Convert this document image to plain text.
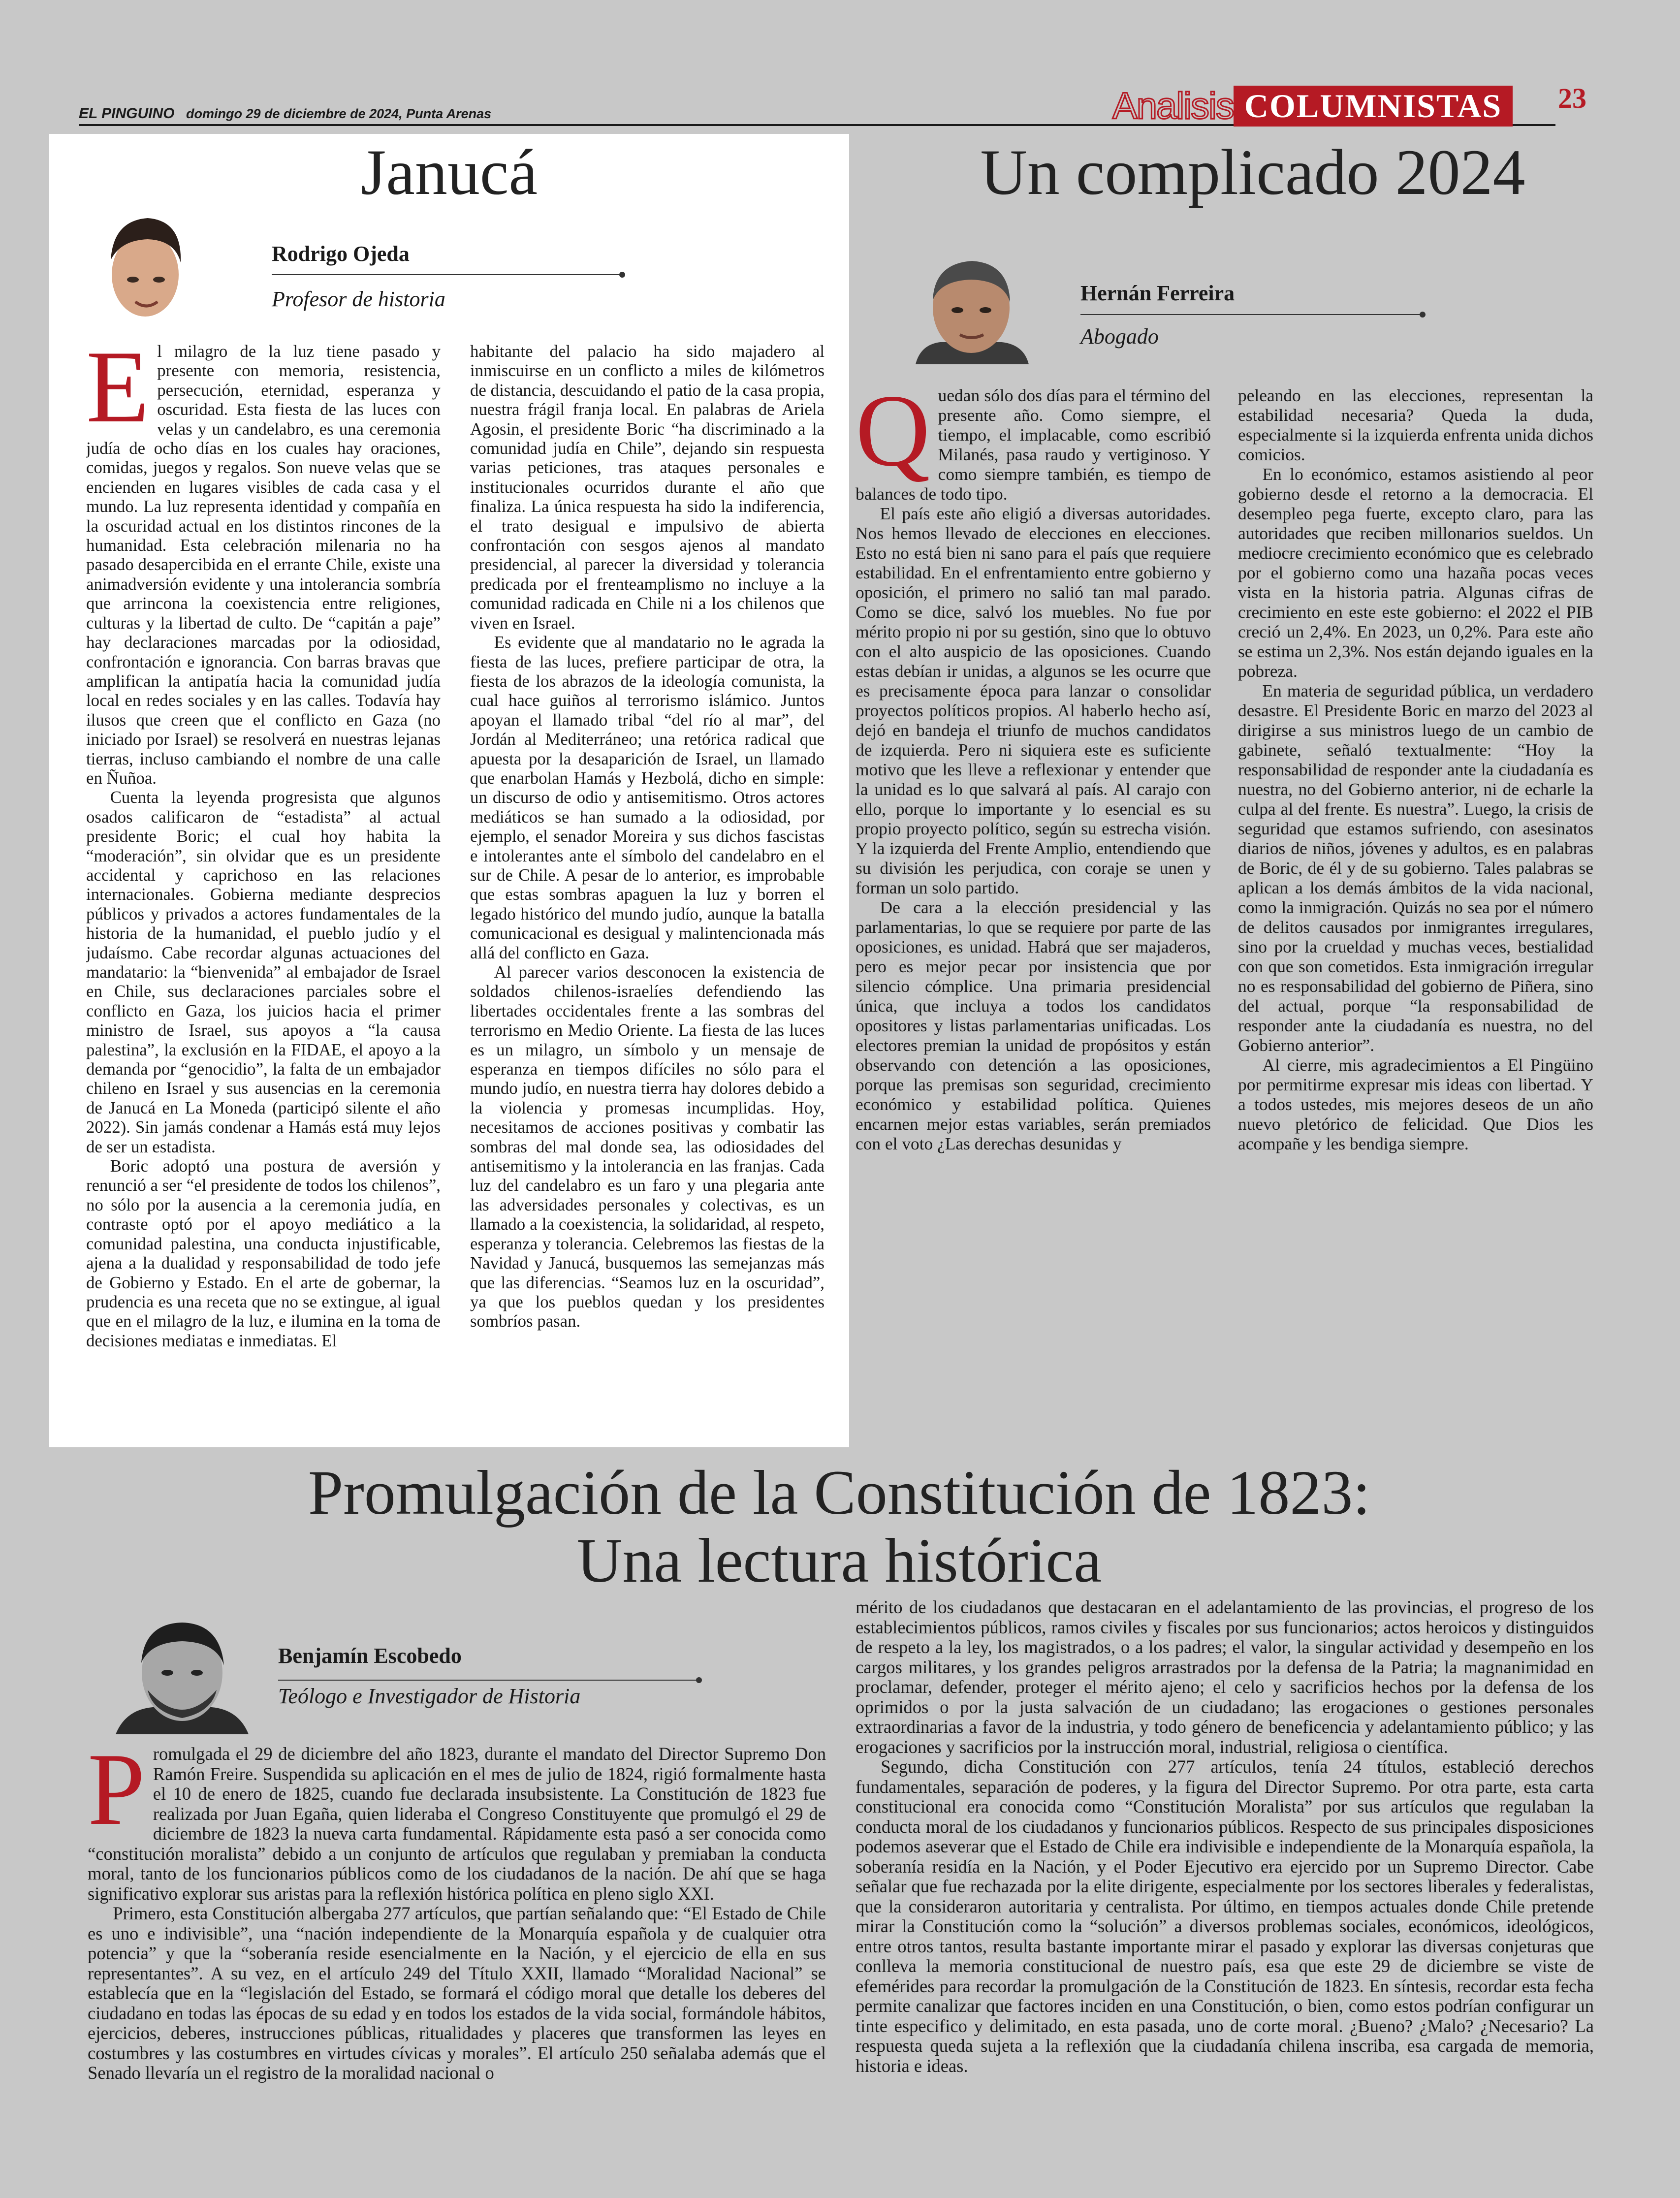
EL PINGUINO domingo 29 de diciembre de 2024, Punta Arenas	Analisis COLUMNISTAS	23
Janucá
Rodrigo Ojeda
Profesor de historia
E l milagro de la luz tiene pasado y presente con memoria, resistencia, persecución, eternidad, esperanza y oscuridad. Esta fiesta de las luces con velas y un candelabro, es una ceremonia judía de ocho días en los cuales hay oraciones, comidas, juegos y regalos. Son nueve velas que se encienden en lugares visibles de cada casa y el mundo. La luz representa identidad y compañía en la oscuridad actual en los distintos rincones de la humanidad. Esta celebración milenaria no ha pasado desapercibida en el errante Chile, existe una animadversión evidente y una intolerancia sombría que arrincona la coexistencia entre religiones, culturas y la libertad de culto. De “capitán a paje” hay declaraciones marcadas por la odiosidad, confrontación e ignorancia. Con barras bravas que amplifican la antipatía hacia la comunidad judía local en redes sociales y en las calles. Todavía hay ilusos que creen que el conflicto en Gaza (no iniciado por Israel) se resolverá en nuestras lejanas tierras, incluso cambiando el nombre de una calle en Ñuñoa.

Cuenta la leyenda progresista que algunos osados calificaron de “estadista” al actual presidente Boric; el cual hoy habita la “moderación”, sin olvidar que es un presidente accidental y caprichoso en las relaciones internacionales. Gobierna mediante desprecios públicos y privados a actores fundamentales de la historia de la humanidad, el pueblo judío y el judaísmo. Cabe recordar algunas actuaciones del mandatario: la “bienvenida” al embajador de Israel en Chile, sus declaraciones parciales sobre el conflicto en Gaza, los juicios hacia el primer ministro de Israel, sus apoyos a “la causa palestina”, la exclusión en la FIDAE, el apoyo a la demanda por “genocidio”, la falta de un embajador chileno en Israel y sus ausencias en la ceremonia de Janucá en La Moneda (participó silente el año 2022). Sin jamás condenar a Hamás está muy lejos de ser un estadista.

Boric adoptó una postura de aversión y renunció a ser “el presidente de todos los chilenos”, no sólo por la ausencia a la ceremonia judía, en contraste optó por el apoyo mediático a la comunidad palestina, una conducta injustificable, ajena a la dualidad y responsabilidad de todo jefe de Gobierno y Estado. En el arte de gobernar, la prudencia es una receta que no se extingue, al igual que en el milagro de la luz, e ilumina en la toma de decisiones mediatas e inmediatas. El

habitante del palacio ha sido majadero al inmiscuirse en un conflicto a miles de kilómetros de distancia, descuidando el patio de la casa propia, nuestra frágil franja local. En palabras de Ariela Agosin, el presidente Boric “ha discriminado a la comunidad judía en Chile”, dejando sin respuesta varias peticiones, tras ataques personales e institucionales ocurridos durante el año que finaliza. La única respuesta ha sido la indiferencia, el trato desigual e impulsivo de abierta confrontación con sesgos ajenos al mandato presidencial, al parecer la diversidad y tolerancia predicada por el frenteamplismo no incluye a la comunidad radicada en Chile ni a los chilenos que viven en Israel.

Es evidente que al mandatario no le agrada la fiesta de las luces, prefiere participar de otra, la fiesta de los abrazos de la ideología comunista, la cual hace guiños al terrorismo islámico. Juntos apoyan el llamado tribal “del río al mar”, del Jordán al Mediterráneo; una retórica radical que apuesta por la desaparición de Israel, un llamado que enarbolan Hamás y Hezbolá, dicho en simple: un discurso de odio y antisemitismo. Otros actores mediáticos se han sumado a la odiosidad, por ejemplo, el senador Moreira y sus dichos fascistas e intolerantes ante el símbolo del candelabro en el sur de Chile. A pesar de lo anterior, es improbable que estas sombras apaguen la luz y borren el legado histórico del mundo judío, aunque la batalla comunicacional es desigual y malintencionada más allá del conflicto en Gaza.

Al parecer varios desconocen la existencia de soldados chilenos-israelíes defendiendo las libertades occidentales frente a las sombras del terrorismo en Medio Oriente. La fiesta de las luces es un milagro, un símbolo y un mensaje de esperanza en tiempos difíciles no sólo para el mundo judío, en nuestra tierra hay dolores debido a la violencia y promesas incumplidas. Hoy, necesitamos de acciones positivas y combatir las sombras del mal donde sea, las odiosidades del antisemitismo y la intolerancia en las franjas. Cada luz del candelabro es un faro y una plegaria ante las adversidades personales y colectivas, es un llamado a la coexistencia, la solidaridad, al respeto, esperanza y tolerancia. Celebremos las fiestas de la Navidad y Janucá, busquemos las semejanzas más que las diferencias. “Seamos luz en la oscuridad”, ya que los pueblos quedan y los presidentes sombríos pasan.

Un complicado 2024
Hernán Ferreira
Abogado
Q uedan sólo dos días para el término del presente año. Como siempre, el tiempo, el implacable, como escribió Milanés, pasa raudo y vertiginoso. Y como siempre también, es tiempo de balances de todo tipo.

El país este año eligió a diversas autoridades. Nos hemos llevado de elecciones en elecciones. Esto no está bien ni sano para el país que requiere estabilidad. En el enfrentamiento entre gobierno y oposición, el primero no salió tan mal parado. Como se dice, salvó los muebles. No fue por mérito propio ni por su gestión, sino que lo obtuvo con el alto auspicio de las oposiciones. Cuando estas debían ir unidas, a algunos se les ocurre que es precisamente época para lanzar o consolidar proyectos políticos propios. Al haberlo hecho así, dejó en bandeja el triunfo de muchos candidatos de izquierda. Pero ni siquiera este es suficiente motivo que les lleve a reflexionar y entender que la unidad es lo que salvará al país. Al carajo con ello, porque lo importante y lo esencial es su propio proyecto político, según su estrecha visión. Y la izquierda del Frente Amplio, entendiendo que su división les perjudica, con coraje se unen y forman un solo partido.

De cara a la elección presidencial y las parlamentarias, lo que se requiere por parte de las oposiciones, es unidad. Habrá que ser majaderos, pero es mejor pecar por insistencia que por silencio cómplice. Una primaria presidencial única, que incluya a todos los candidatos opositores y listas parlamentarias unificadas. Los electores premian la unidad de propósitos y están observando con detención a las oposiciones, porque las premisas son seguridad, crecimiento económico y estabilidad política. Quienes encarnen mejor estas variables, serán premiados con el voto ¿Las derechas desunidas y

peleando en las elecciones, representan la estabilidad necesaria? Queda la duda, especialmente si la izquierda enfrenta unida dichos comicios.

En lo económico, estamos asistiendo al peor gobierno desde el retorno a la democracia. El desempleo pega fuerte, excepto claro, para las autoridades que reciben millonarios sueldos. Un mediocre crecimiento económico que es celebrado por el gobierno como una hazaña pocas veces vista en la historia patria. Algunas cifras de crecimiento en este este gobierno: el 2022 el PIB creció un 2,4%. En 2023, un 0,2%. Para este año se estima un 2,3%. Nos están dejando iguales en la pobreza.

En materia de seguridad pública, un verdadero desastre. El Presidente Boric en marzo del 2023 al dirigirse a sus ministros luego de un cambio de gabinete, señaló textualmente: “Hoy la responsabilidad de responder ante la ciudadanía es nuestra, no del Gobierno anterior, ni de echarle la culpa al del frente. Es nuestra”. Luego, la crisis de seguridad que estamos sufriendo, con asesinatos diarios de niños, jóvenes y adultos, es en palabras de Boric, de él y de su gobierno. Tales palabras se aplican a los demás ámbitos de la vida nacional, como la inmigración. Quizás no sea por el número de delitos causados por inmigrantes irregulares, sino por la crueldad y muchas veces, bestialidad con que son cometidos. Esta inmigración irregular no es responsabilidad del gobierno de Piñera, sino del actual, porque “la responsabilidad de responder ante la ciudadanía es nuestra, no del Gobierno anterior”.

Al cierre, mis agradecimientos a El Pingüino por permitirme expresar mis ideas con libertad. Y a todos ustedes, mis mejores deseos de un año nuevo pletórico de felicidad. Que Dios les acompañe y les bendiga siempre.

Promulgación de la Constitución de 1823:
Una lectura histórica
Benjamín Escobedo
Teólogo e Investigador de Historia
P romulgada el 29 de diciembre del año 1823, durante el mandato del Director Supremo Don Ramón Freire. Suspendida su aplicación en el mes de julio de 1824, rigió formalmente hasta el 10 de enero de 1825, cuando fue declarada insubsistente. La Constitución de 1823 fue realizada por Juan Egaña, quien lideraba el Congreso Constituyente que promulgó el 29 de diciembre de 1823 la nueva carta fundamental. Rápidamente esta pasó a ser conocida como “constitución moralista” debido a un conjunto de artículos que regulaban y premiaban la conducta moral, tanto de los funcionarios públicos como de los ciudadanos de la nación. De ahí que se haga significativo explorar sus aristas para la reflexión histórica política en pleno siglo XXI.

Primero, esta Constitución albergaba 277 artículos, que partían señalando que: “El Estado de Chile es uno e indivisible”, una “nación independiente de la Monarquía española y de cualquier otra potencia” y que la “soberanía reside esencialmente en la Nación, y el ejercicio de ella en sus representantes”. A su vez, en el artículo 249 del Título XXII, llamado “Moralidad Nacional” se establecía que en la “legislación del Estado, se formará el código moral que detalle los deberes del ciudadano en todas las épocas de su edad y en todos los estados de la vida social, formándole hábitos, ejercicios, deberes, instrucciones públicas, ritualidades y placeres que transformen las leyes en costumbres y las costumbres en virtudes cívicas y morales”. El artículo 250 señalaba además que el Senado llevaría un el registro de la moralidad nacional o

mérito de los ciudadanos que destacaran en el adelantamiento de las provincias, el progreso de los establecimientos públicos, ramos civiles y fiscales por sus funcionarios; actos heroicos y distinguidos de respeto a la ley, los magistrados, o a los padres; el valor, la singular actividad y desempeño en los cargos militares, y los grandes peligros arrastrados por la defensa de la Patria; la magnanimidad en proclamar, defender, proteger el mérito ajeno; el celo y sacrificios hechos por la defensa de los oprimidos o por la justa salvación de un ciudadano; las erogaciones o gestiones personales extraordinarias a favor de la industria, y todo género de beneficencia y adelantamiento público; y las erogaciones y sacrificios por la instrucción moral, industrial, religiosa o científica.

Segundo, dicha Constitución con 277 artículos, tenía 24 títulos, estableció derechos fundamentales, separación de poderes, y la figura del Director Supremo. Por otra parte, esta carta constitucional era conocida como “Constitución Moralista” por sus artículos que regulaban la conducta moral de los ciudadanos y funcionarios públicos. Respecto de sus principales disposiciones podemos aseverar que el Estado de Chile era indivisible e independiente de la Monarquía española, la soberanía residía en la Nación, y el Poder Ejecutivo era ejercido por un Supremo Director. Cabe señalar que fue rechazada por la elite dirigente, especialmente por los sectores liberales y federalistas, que la consideraron autoritaria y centralista. Por último, en tiempos actuales donde Chile pretende mirar la Constitución como la “solución” a diversos problemas sociales, económicos, ideológicos, entre otros tantos, resulta bastante importante mirar el pasado y explorar las diversas conjeturas que conlleva la memoria constitucional de nuestro país, esa que este 29 de diciembre se viste de efemérides para recordar la promulgación de la Constitución de 1823. En síntesis, recordar esta fecha permite canalizar que factores inciden en una Constitución, o bien, como estos podrían configurar un tinte especifico y delimitado, en esta pasada, uno de corte moral. ¿Bueno? ¿Malo? ¿Necesario? La respuesta queda sujeta a la reflexión que la ciudadanía chilena inscriba, esa cargada de memoria, historia e ideas.
